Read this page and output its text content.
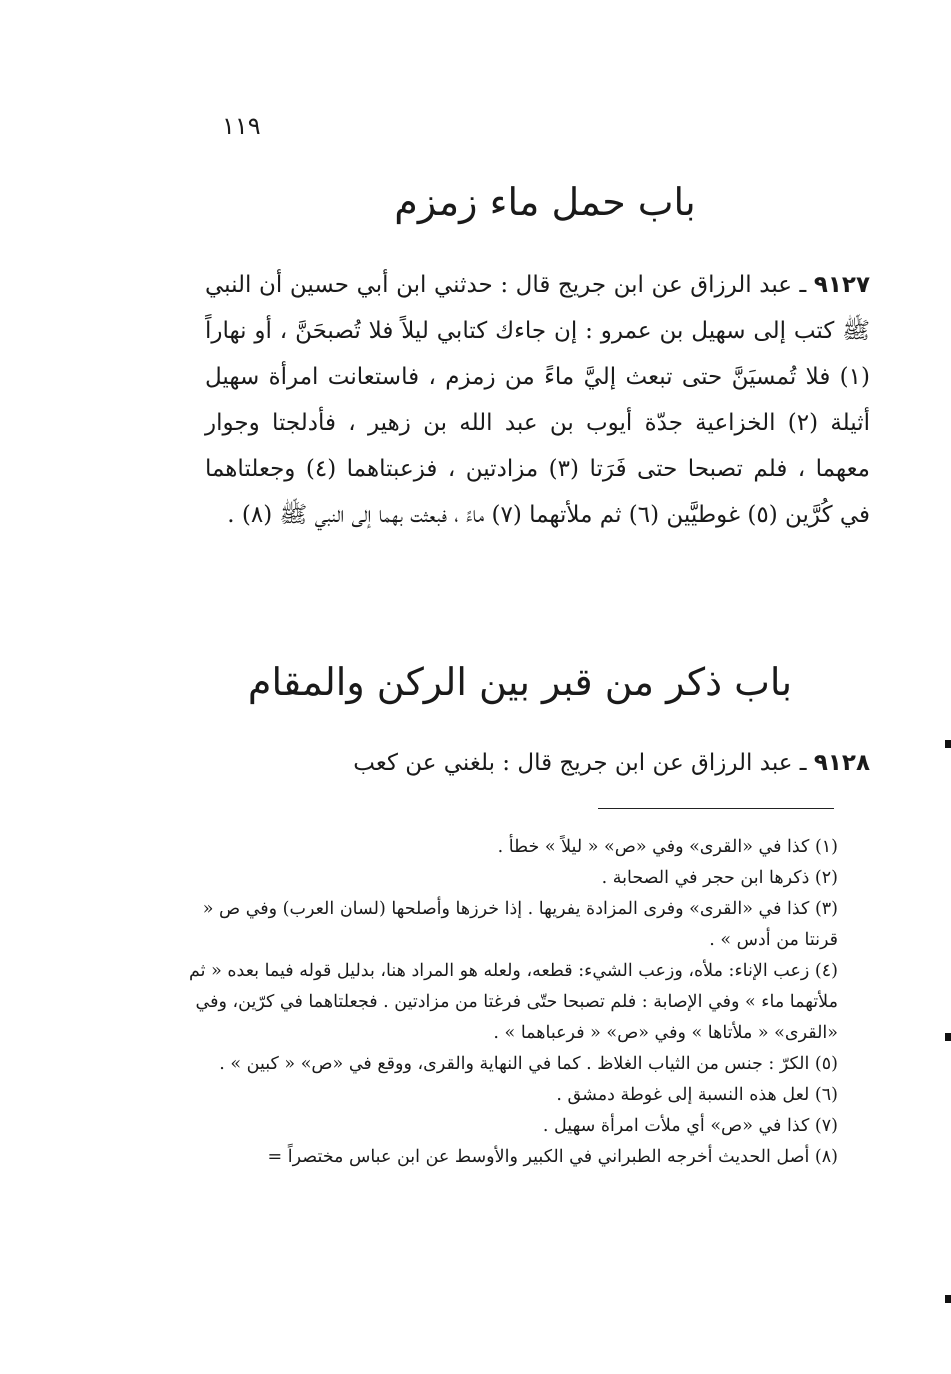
١١٩
باب حمل ماء زمزم

٩١٢٧ ـ عبد الرزاق عن ابن جريج قال : حدثني ابن أبي حسين أن النبي ﷺ كتب إلى سهيل بن عمرو : إن جاءك كتابي ليلاً فلا تُصبحَنَّ ، أو نهاراً (١) فلا تُمسيَنَّ حتى تبعث إليَّ ماءً من زمزم ، فاستعانت امرأة سهيل أثيلة (٢) الخزاعية جدّة أيوب بن عبد الله بن زهير ، فأدلجتا وجوار معهما ، فلم تصبحا حتى فَرَتا (٣) مزادتين ، فزعبتاهما (٤) وجعلتاهما في كُرَّين (٥) غوطيَّين (٦) ثم ملأتهما (٧) ماءً ، فبعثت بهما إلى النبي ﷺ (٨) .

باب ذكر من قبر بين الركن والمقام

٩١٢٨ ـ عبد الرزاق عن ابن جريج قال : بلغني عن كعب

(١) كذا في «القرى» وفي «ص» « ليلاً » خطأ .
(٢) ذكرها ابن حجر في الصحابة .
(٣) كذا في «القرى» وفرى المزادة يفريها . إذا خرزها وأصلحها (لسان العرب) وفي ص « قرنتا من أدس » .
(٤) زعب الإناء: ملأه، وزعب الشيء: قطعه، ولعله هو المراد هنا، بدليل قوله فيما بعده « ثم ملأتهما ماء » وفي الإصابة : فلم تصبحا حتّى فرغتا من مزادتين . فجعلتاهما في كرّين، وفي «القرى» « ملأتاها » وفي «ص» « فرعباهما » .
(٥) الكرّ : جنس من الثياب الغلاظ . كما في النهاية والقرى، ووقع في «ص» « كبين » .
(٦) لعل هذه النسبة إلى غوطة دمشق .
(٧) كذا في «ص» أي ملأت امرأة سهيل .
(٨) أصل الحديث أخرجه الطبراني في الكبير والأوسط عن ابن عباس مختصراً =
